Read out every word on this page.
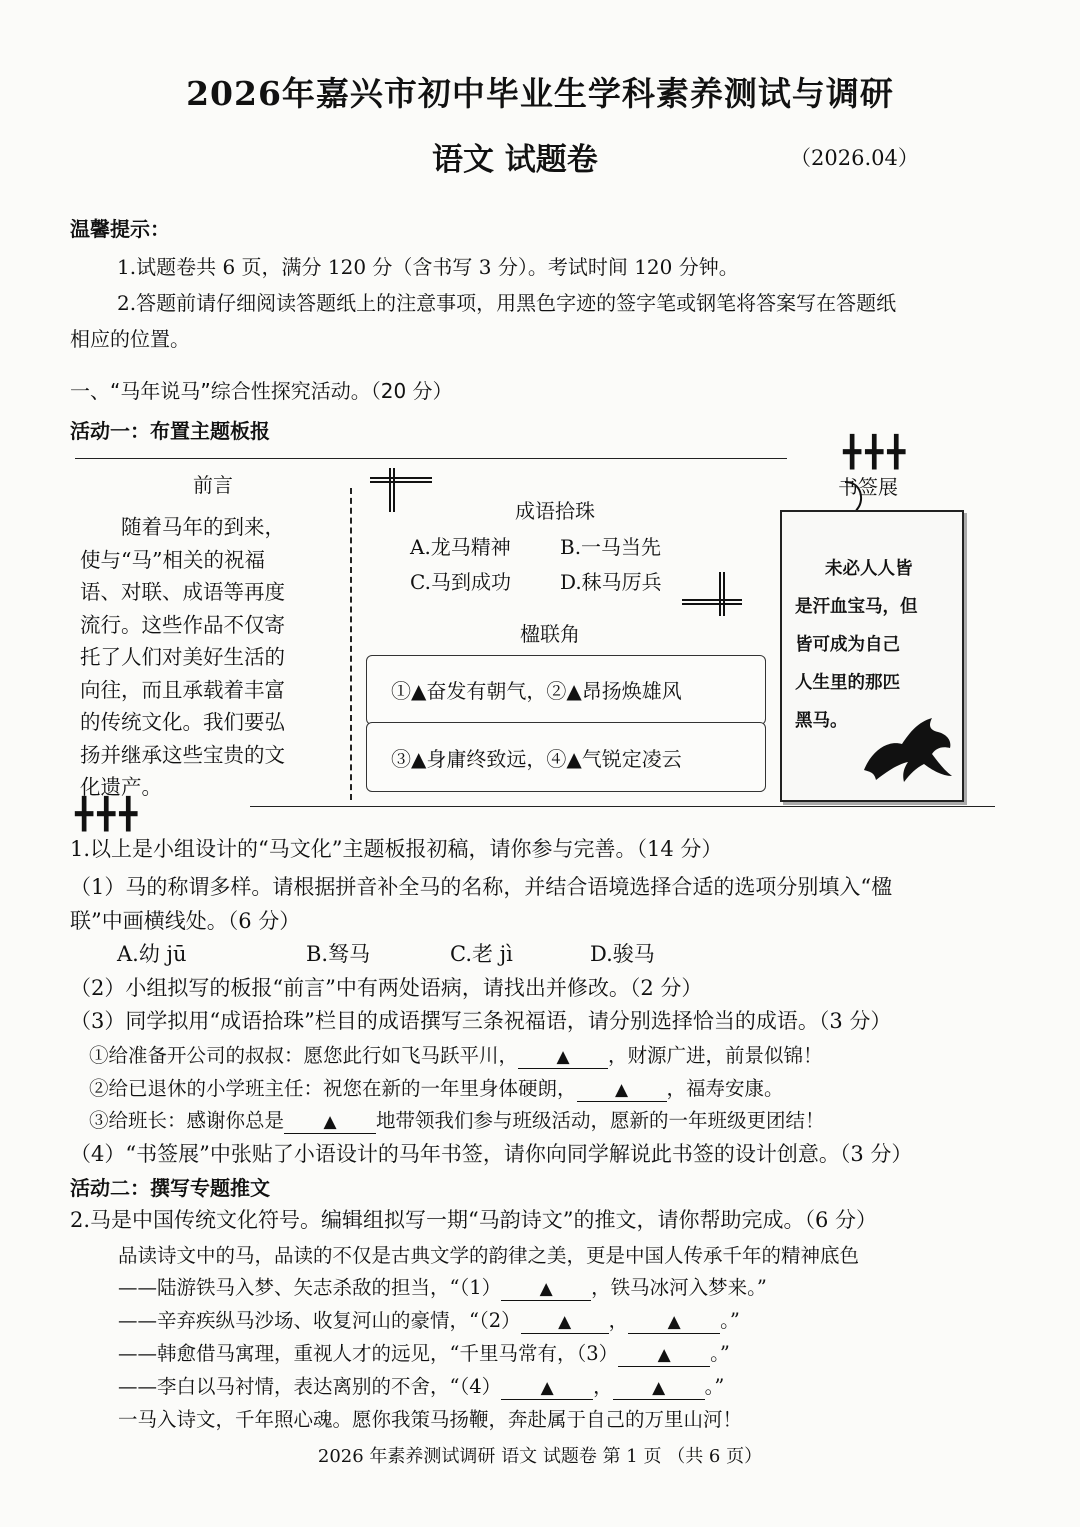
2026年嘉兴市初中毕业生学科素养测试与调研
语文 试题卷	（2026.04）
温馨提示：
1.试题卷共 6 页，满分 120 分（含书写 3 分）。考试时间 120 分钟。
2.答题前请仔细阅读答题纸上的注意事项，用黑色字迹的签字笔或钢笔将答案写在答题纸
相应的位置。
一、“马年说马”综合性探究活动。（20 分）
活动一：布置主题板报
前言
随着马年的到来，
使与“马”相关的祝福
语、对联、成语等再度
流行。这些作品不仅寄
托了人们对美好生活的
向往，而且承载着丰富
的传统文化。我们要弘
扬并继承这些宝贵的文
化遗产。
╋╋╋
╋╋╋
成语拾珠
A.龙马精神 B.一马当先
C.马到成功 D.秣马厉兵
楹联角
①▲奋发有朝气，②▲昂扬焕雄风
③▲身庸终致远，④▲气锐定凌云
书签展
未必人人皆
是汗血宝马，但
皆可成为自己
人生里的那匹
黑马。
1.以上是小组设计的“马文化”主题板报初稿，请你参与完善。（14 分）
（1）马的称谓多样。请根据拼音补全马的名称，并结合语境选择合适的选项分别填入“楹
联”中画横线处。（6 分）
A.幼 jū	B.驽马	C.老 jì	D.骏马
（2）小组拟写的板报“前言”中有两处语病，请找出并修改。（2 分）
（3）同学拟用“成语拾珠”栏目的成语撰写三条祝福语，请分别选择恰当的成语。（3 分）
①给准备开公司的叔叔：愿您此行如飞马跃平川， ▲ ，财源广进，前景似锦！
②给已退休的小学班主任：祝您在新的一年里身体硬朗， ▲ ，福寿安康。
③给班长：感谢你总是 ▲ 地带领我们参与班级活动，愿新的一年班级更团结！
（4）“书签展”中张贴了小语设计的马年书签，请你向同学解说此书签的设计创意。（3 分）
活动二：撰写专题推文
2.马是中国传统文化符号。编辑组拟写一期“马韵诗文”的推文，请你帮助完成。（6 分）
品读诗文中的马，品读的不仅是古典文学的韵律之美，更是中国人传承千年的精神底色
——陆游铁马入梦、矢志杀敌的担当，“（1） ▲ ，铁马冰河入梦来。”
——辛弃疾纵马沙场、收复河山的豪情，“（2） ▲ ， ▲ 。”
——韩愈借马寓理，重视人才的远见，“千里马常有，（3） ▲ 。”
——李白以马衬情，表达离别的不舍，“（4） ▲ ， ▲ 。”
一马入诗文，千年照心魂。愿你我策马扬鞭，奔赴属于自己的万里山河！
2026 年素养测试调研 语文 试题卷 第 1 页 （共 6 页）
